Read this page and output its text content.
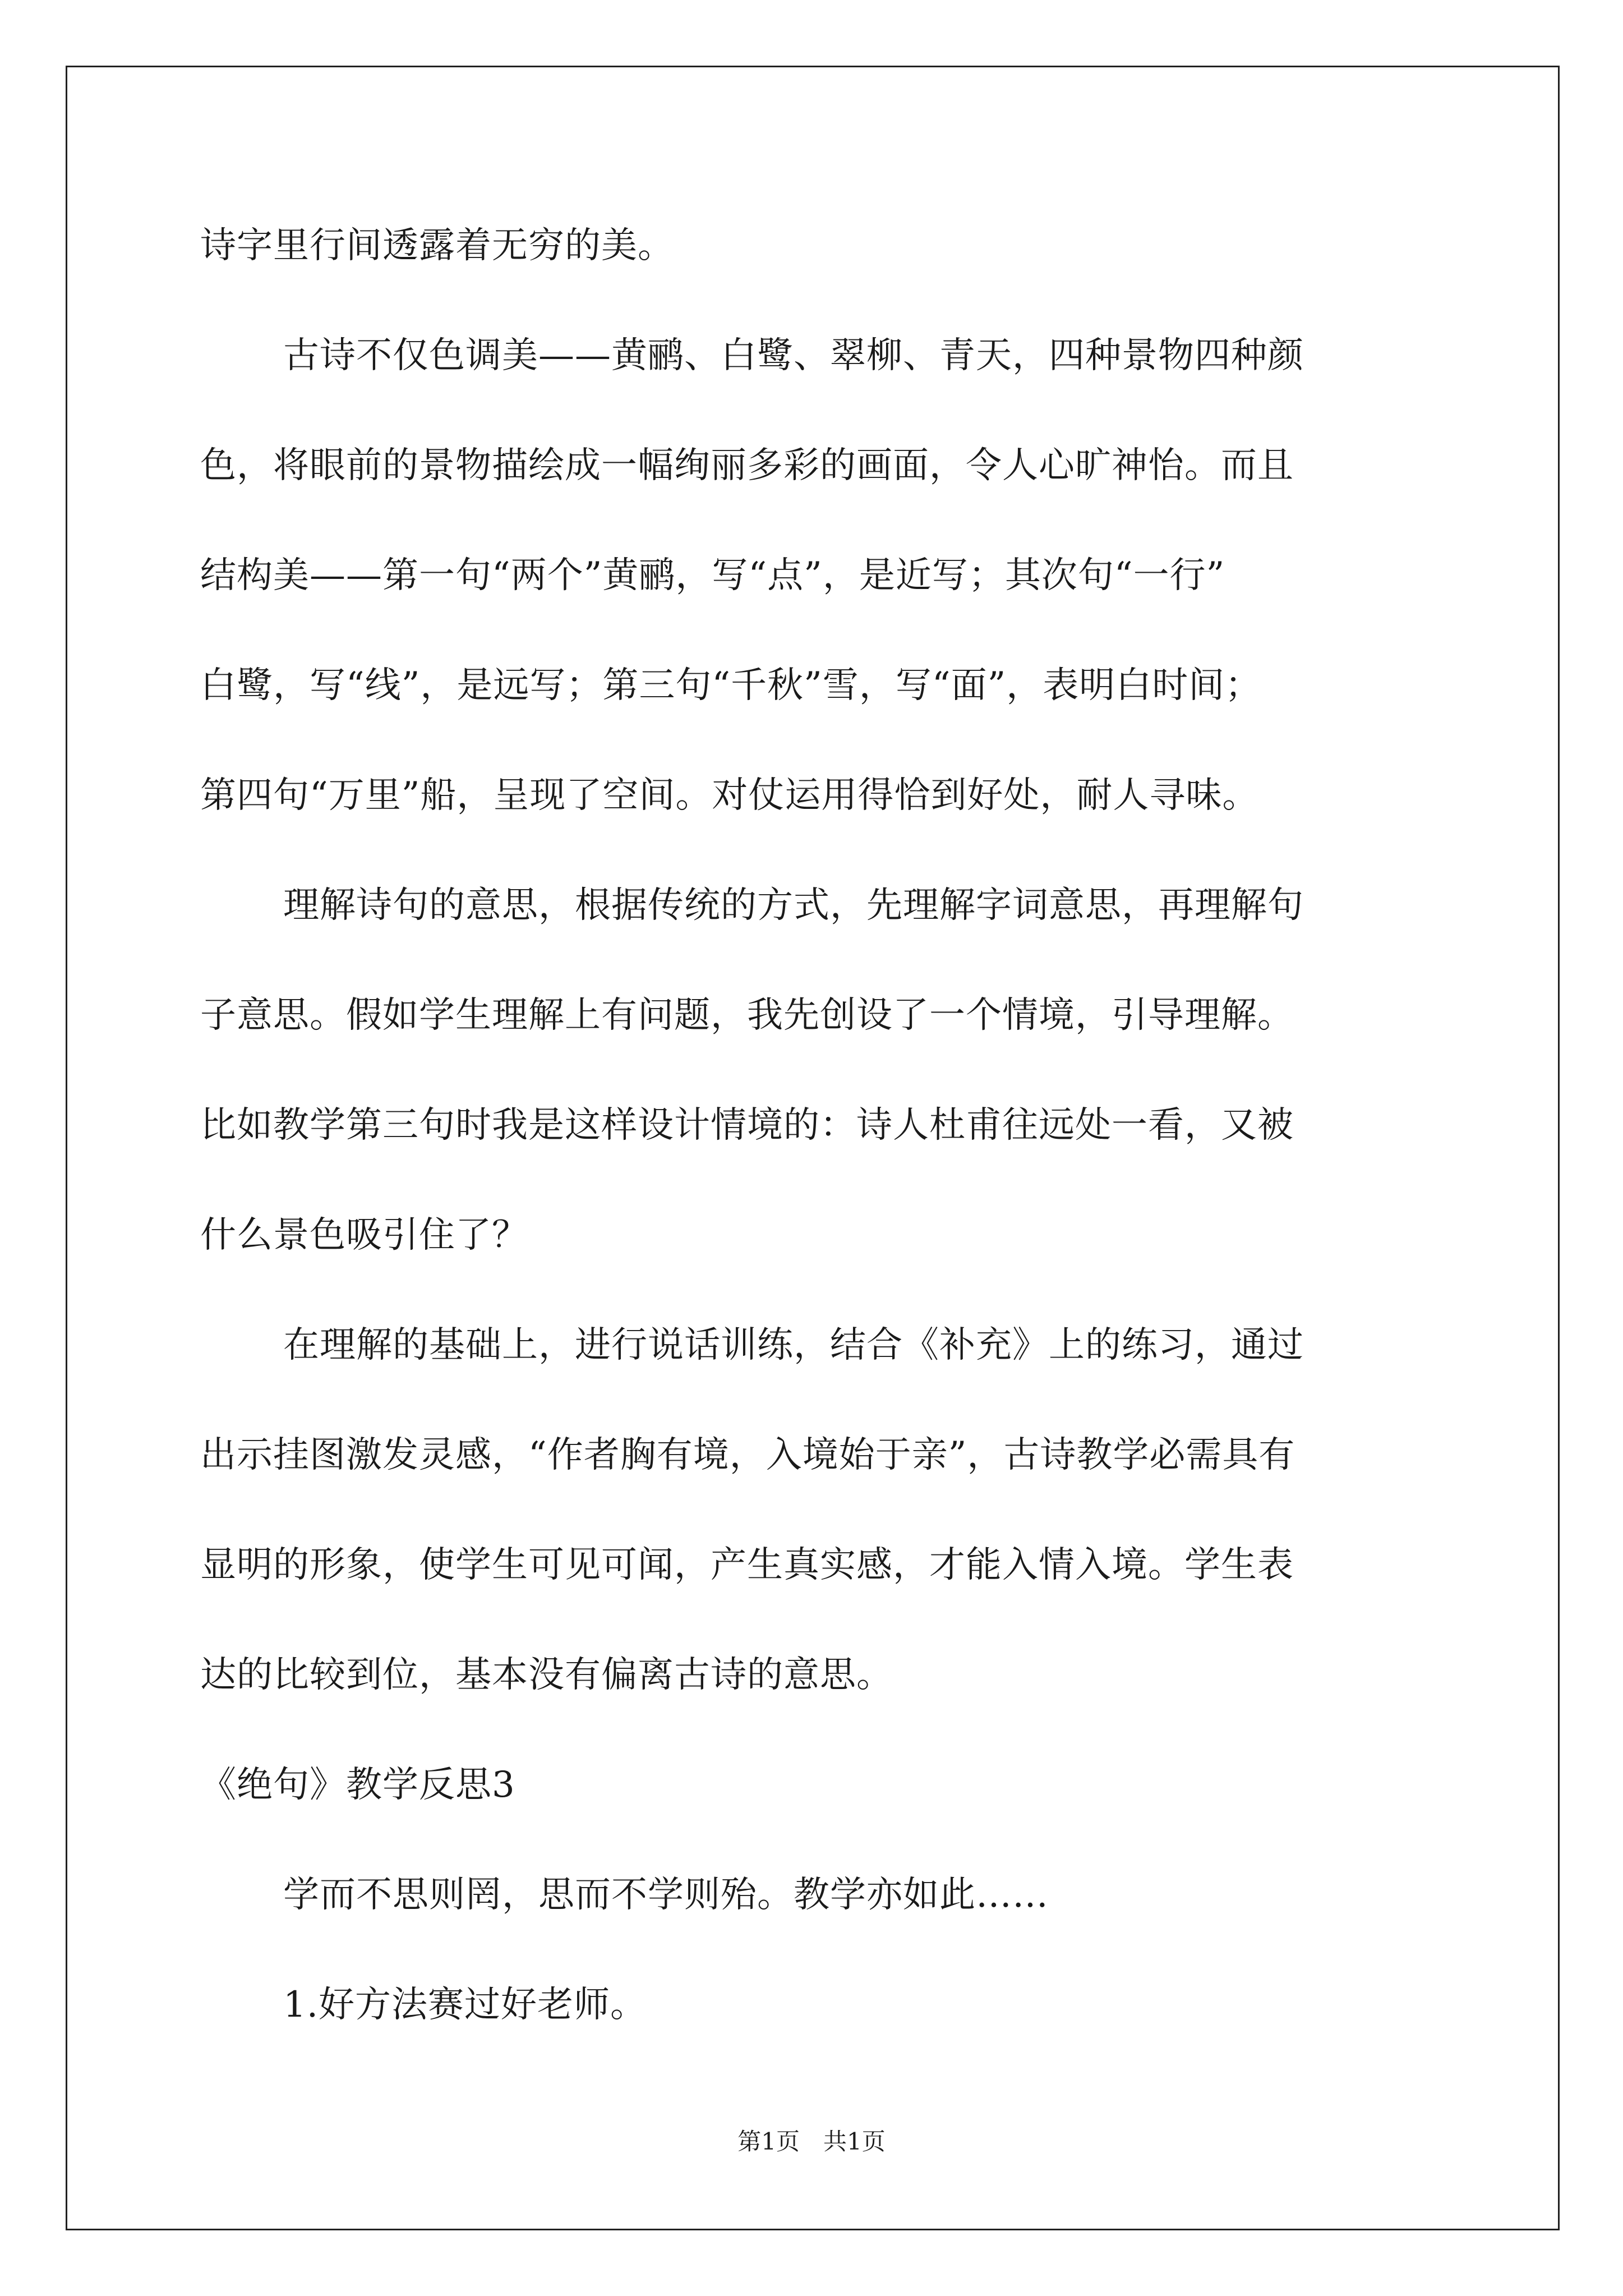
诗字里行间透露着无穷的美。
古诗不仅色调美——黄鹂、白鹭、翠柳、青天，四种景物四种颜
色，将眼前的景物描绘成一幅绚丽多彩的画面，令人心旷神怡。而且
结构美——第一句“两个”黄鹂，写“点”，是近写；其次句“一行”
白鹭，写“线”，是远写；第三句“千秋”雪，写“面”，表明白时间；
第四句“万里”船，呈现了空间。对仗运用得恰到好处，耐人寻味。
理解诗句的意思，根据传统的方式，先理解字词意思，再理解句
子意思。假如学生理解上有问题，我先创设了一个情境，引导理解。
比如教学第三句时我是这样设计情境的：诗人杜甫往远处一看，又被
什么景色吸引住了？
在理解的基础上，进行说话训练，结合《补充》上的练习，通过
出示挂图激发灵感，“作者胸有境，入境始于亲”，古诗教学必需具有
显明的形象，使学生可见可闻，产生真实感，才能入情入境。学生表
达的比较到位，基本没有偏离古诗的意思。
《绝句》教学反思3
学而不思则罔，思而不学则殆。教学亦如此……
1.好方法赛过好老师。
第1页　共1页
